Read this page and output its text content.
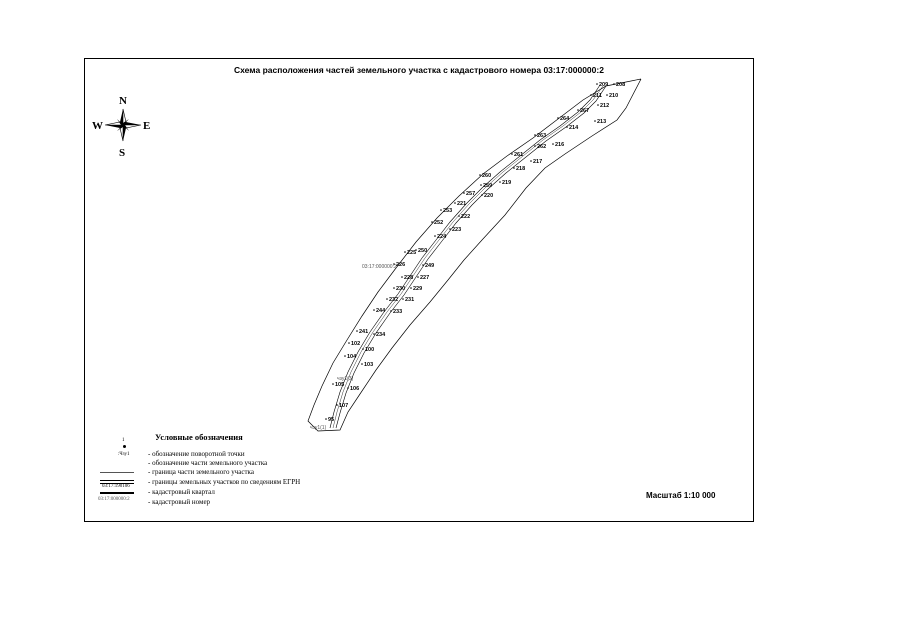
Схема расположения частей земельного участка с кадастрового номера 03:17:000000:2
N
S
W	E
209 208
211 210
212
267
213
264
214
263
216
262
261
217
218
260
219
259
220
257
221
253
222
252
223
224
250
225
249
226
228 227
230 229
232 231
244 233
241 234
102
100
104
103
105
106
107
95
чзу1(3)
чзу1(1)
03:17:000000:2
Условные обозначения
1
- обозначение поворотной точки
:Чзу1
- обозначение части земельного участка
- граница части земельного участка
- границы земельных участков по сведениям ЕГРН
03:17:190106
- кадастровый квартал
03:17:000000:2	- кадастровый номер
Масштаб 1:10 000
